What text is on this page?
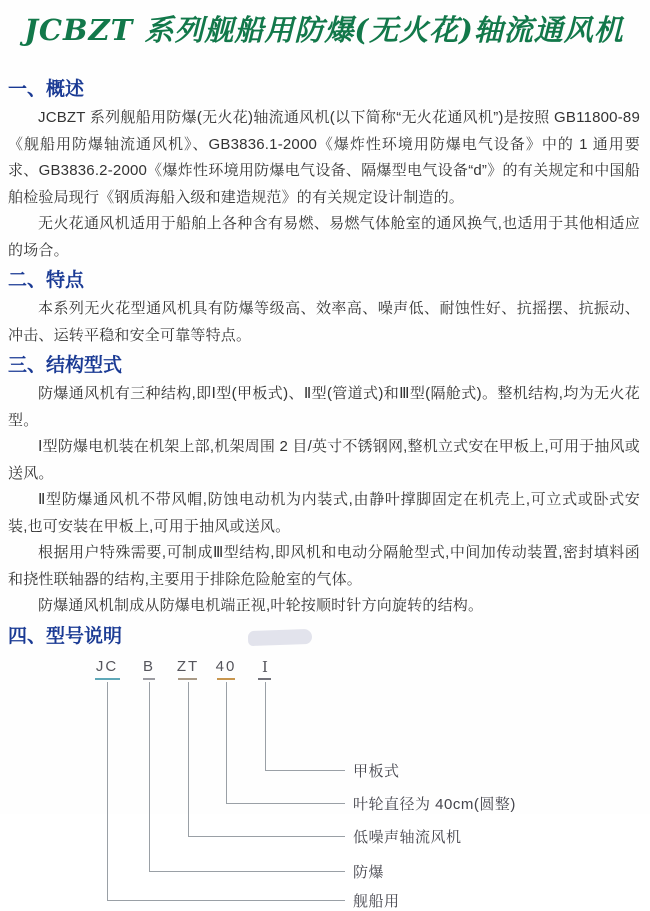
JCBZT 系列舰船用防爆(无火花)轴流通风机
一、概述

JCBZT 系列舰船用防爆(无火花)轴流通风机(以下简称“无火花通风机”)是按照 GB11800-89《舰船用防爆轴流通风机》、GB3836.1-2000《爆炸性环境用防爆电气设备》中的 1 通用要求、GB3836.2-2000《爆炸性环境用防爆电气设备、隔爆型电气设备“d”》的有关规定和中国船舶检验局现行《钢质海船入级和建造规范》的有关规定设计制造的。

无火花通风机适用于船舶上各种含有易燃、易燃气体舱室的通风换气,也适用于其他相适应的场合。

二、特点

本系列无火花型通风机具有防爆等级高、效率高、噪声低、耐蚀性好、抗摇摆、抗振动、冲击、运转平稳和安全可靠等特点。

三、结构型式

防爆通风机有三种结构,即Ⅰ型(甲板式)、Ⅱ型(管道式)和Ⅲ型(隔舱式)。整机结构,均为无火花型。

Ⅰ型防爆电机装在机架上部,机架周围 2 目/英寸不锈钢网,整机立式安在甲板上,可用于抽风或送风。

Ⅱ型防爆通风机不带风帽,防蚀电动机为内装式,由静叶撑脚固定在机壳上,可立式或卧式安装,也可安装在甲板上,可用于抽风或送风。

根据用户特殊需要,可制成Ⅲ型结构,即风机和电动分隔舱型式,中间加传动装置,密封填料函和挠性联轴器的结构,主要用于排除危险舱室的气体。

防爆通风机制成从防爆电机端正视,叶轮按顺时针方向旋转的结构。

四、型号说明
JC B ZT 40 Ⅰ
甲板式
叶轮直径为 40cm(圆整)
低噪声轴流风机
防爆
舰船用
